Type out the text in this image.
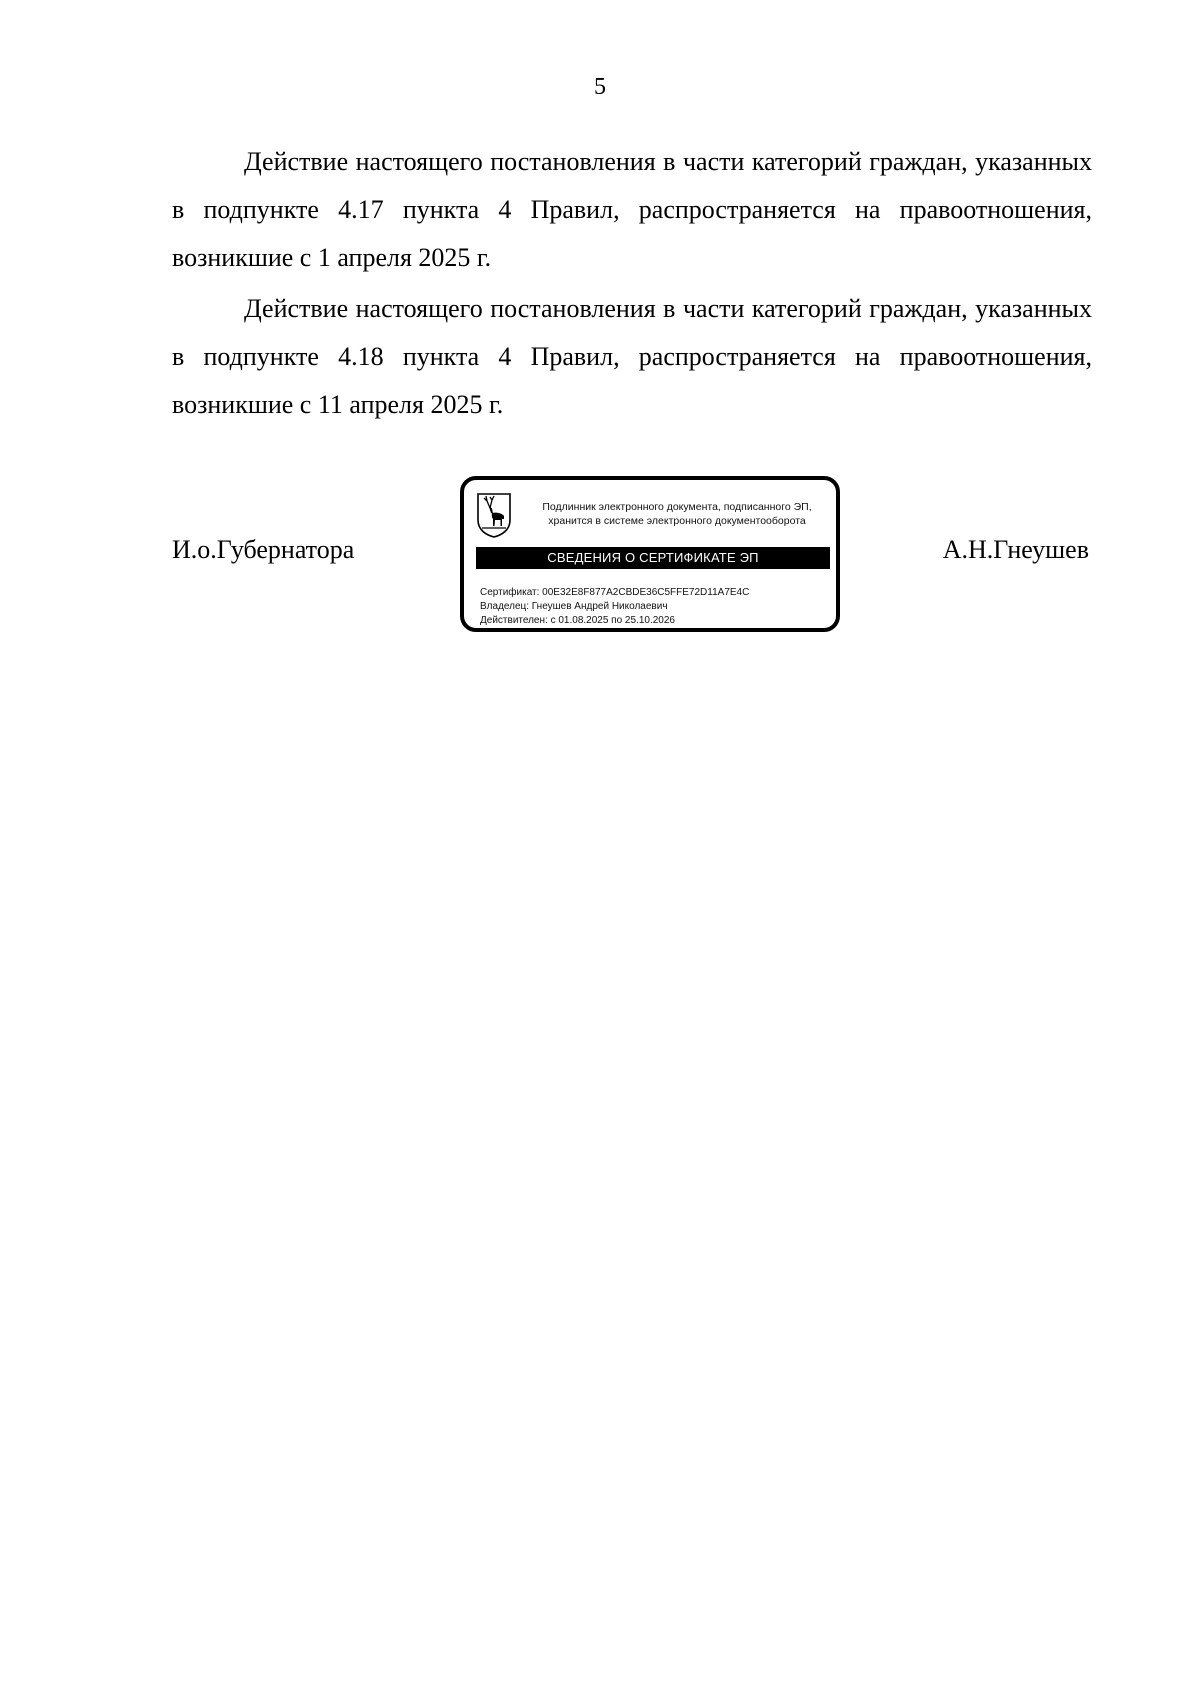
5

Действие настоящего постановления в части категорий граждан, указанных в подпункте 4.17 пункта 4 Правил, распространяется на правоотношения, возникшие с 1 апреля 2025 г.

Действие настоящего постановления в части категорий граждан, указанных в подпункте 4.18 пункта 4 Правил, распространяется на правоотношения, возникшие с 11 апреля 2025 г.

И.о.Губернатора
Подлинник электронного документа, подписанного ЭП,
хранится в системе электронного документооборота
СВЕДЕНИЯ О СЕРТИФИКАТЕ ЭП
Сертификат: 00E32E8F877A2CBDE36C5FFE72D11A7E4C
Владелец: Гнеушев Андрей Николаевич
Действителен: с 01.08.2025 по 25.10.2026
А.Н.Гнеушев
